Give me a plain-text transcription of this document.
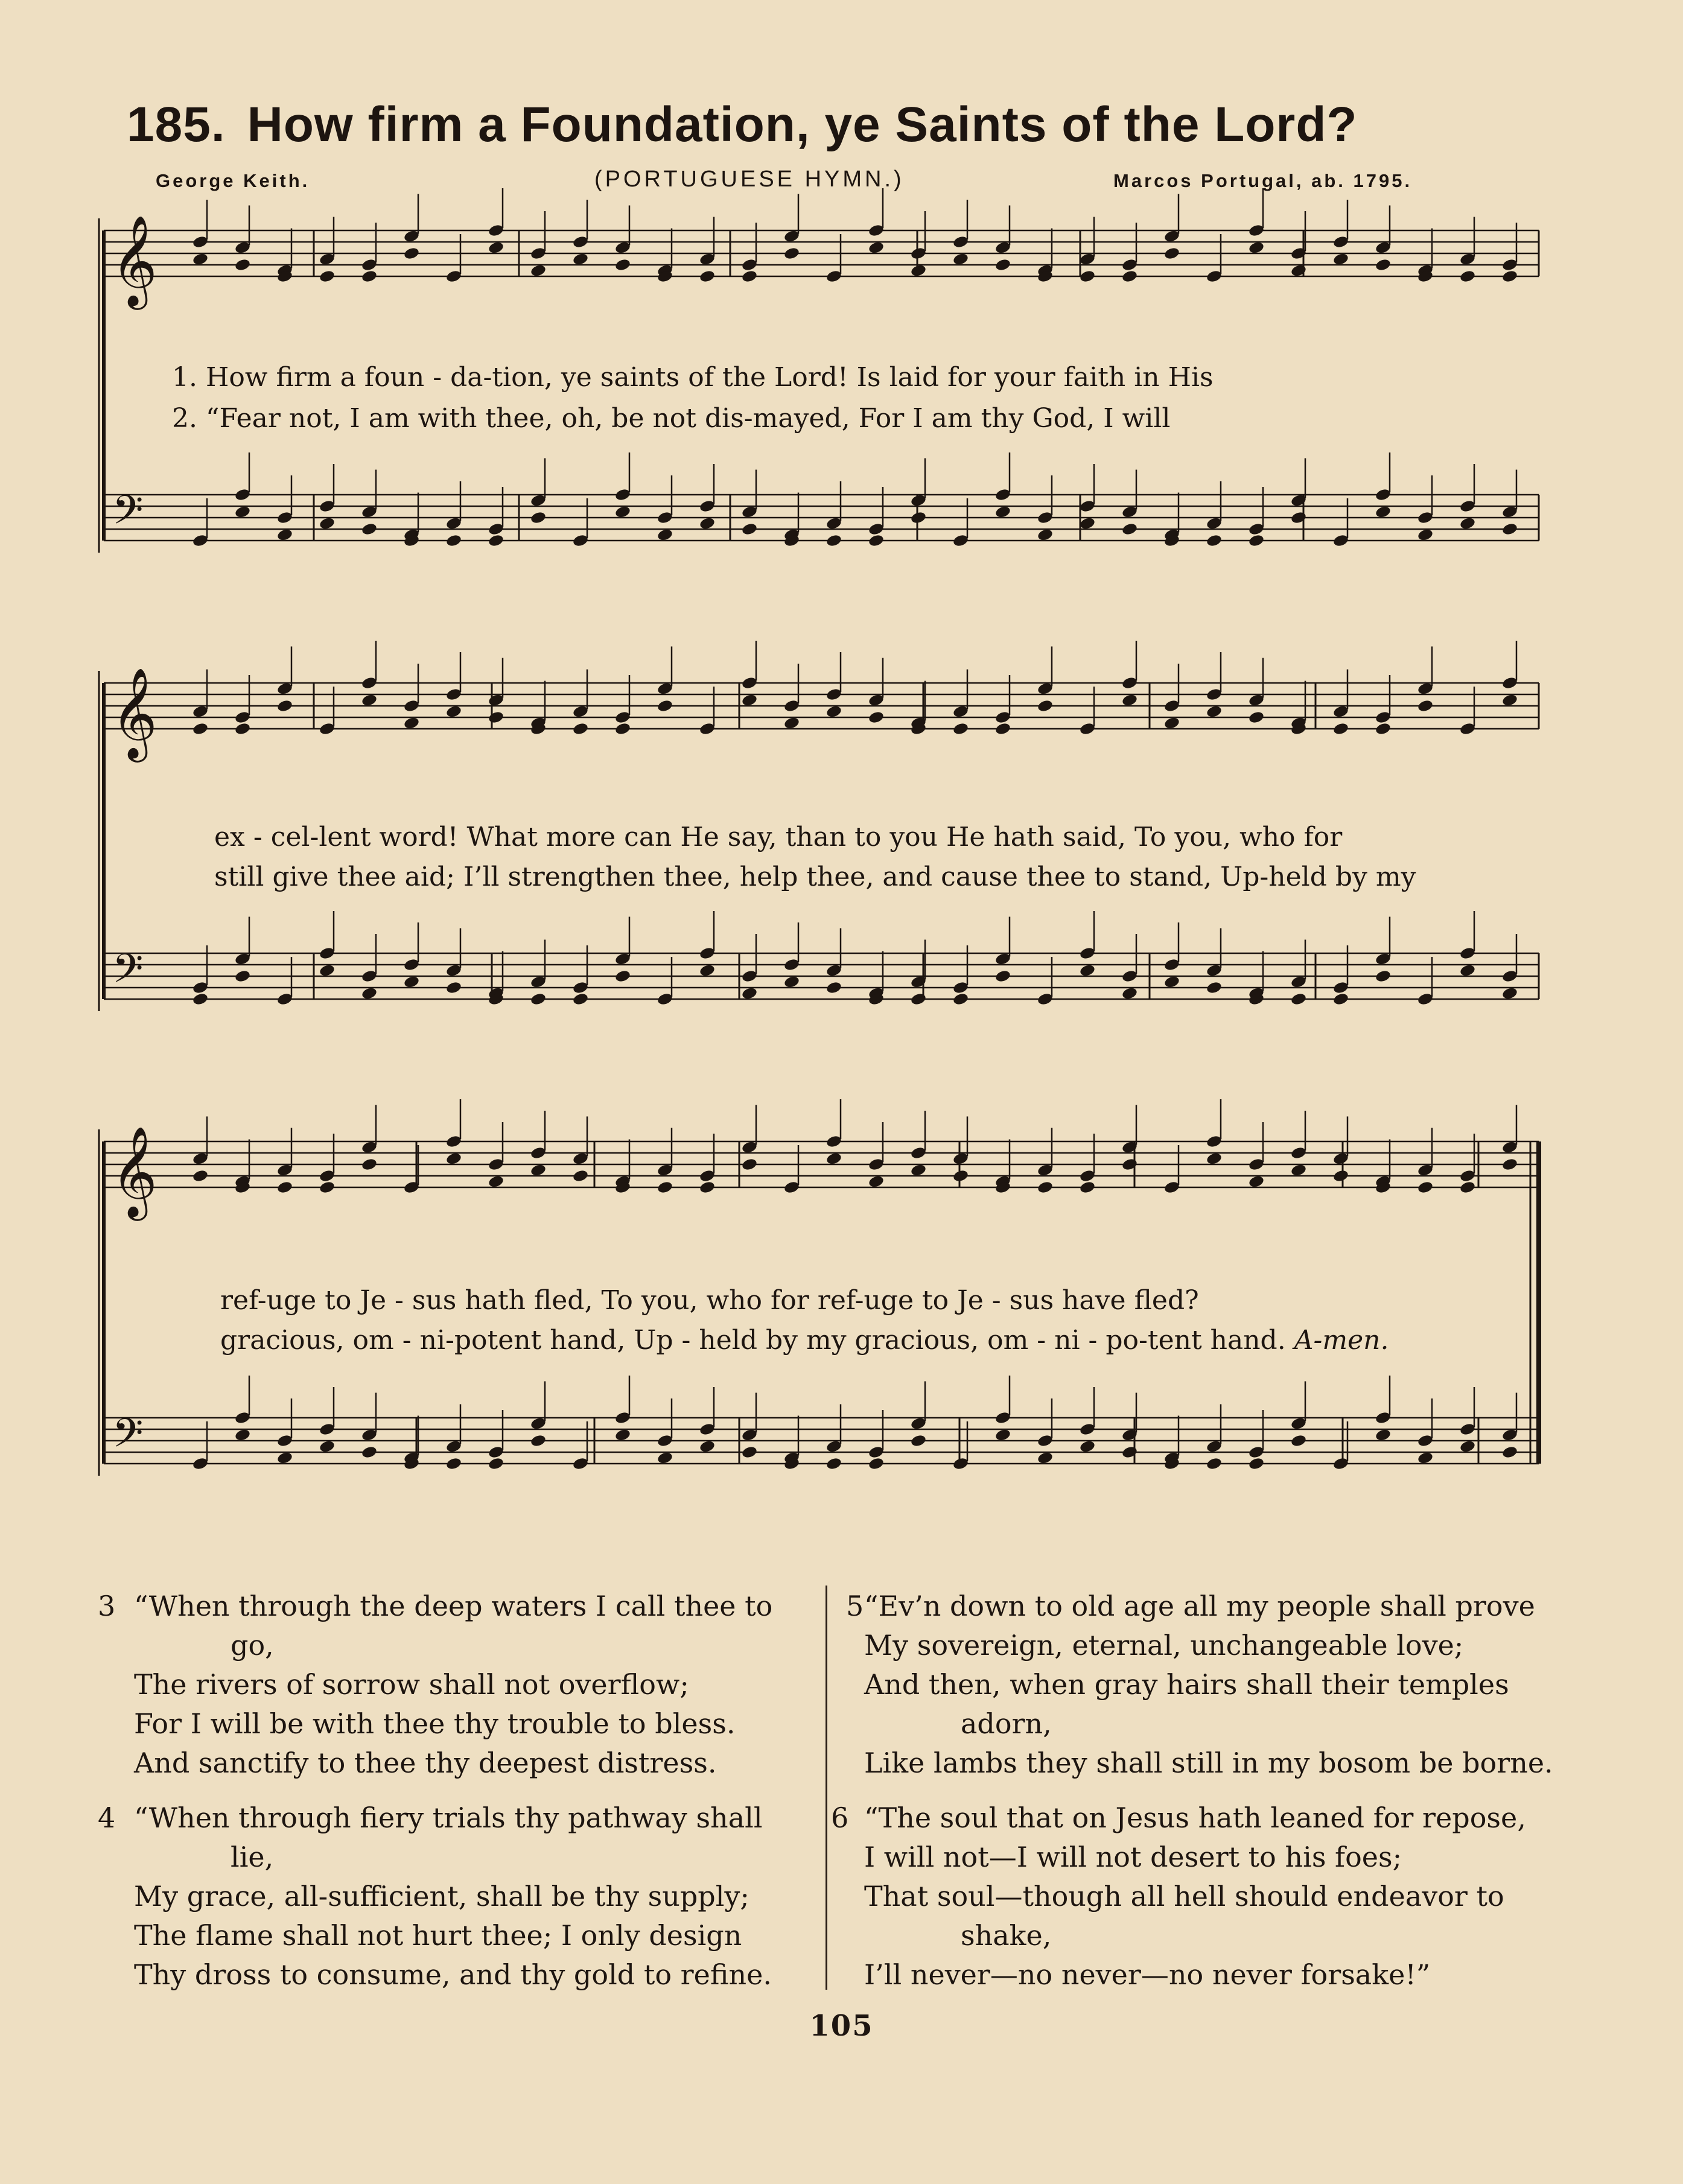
185. How firm a Foundation, ye Saints of the Lord?
George Keith.	(PORTUGUESE HYMN.)	Marcos Portugal, ab. 1795.
𝄞
𝄢
𝄞
𝄢
𝄞
𝄢
1. How firm a foun - da-tion, ye saints of the Lord! Is laid for your faith in His
2. “Fear not, I am with thee, oh, be not dis-mayed, For I am thy God, I will
ex - cel-lent word! What more can He say, than to you He hath said, To you, who for
still give thee aid; I’ll strengthen thee, help thee, and cause thee to stand, Up-held by my
ref-uge to Je - sus hath fled, To you, who for ref-uge to Je - sus have fled?
gracious, om - ni-potent hand, Up - held by my gracious, om - ni - po-tent hand. A-men.
3 “When through the deep waters I call thee to
go,
The rivers of sorrow shall not overflow;
For I will be with thee thy trouble to bless.
And sanctify to thee thy deepest distress.
4 “When through fiery trials thy pathway shall
lie,
My grace, all-sufficient, shall be thy supply;
The flame shall not hurt thee; I only design
Thy dross to consume, and thy gold to refine.
5 “Ev’n down to old age all my people shall prove
My sovereign, eternal, unchangeable love;
And then, when gray hairs shall their temples
adorn,
Like lambs they shall still in my bosom be borne.
6 “The soul that on Jesus hath leaned for repose,
I will not—I will not desert to his foes;
That soul—though all hell should endeavor to
shake,
I’ll never—no never—no never forsake!”
105
